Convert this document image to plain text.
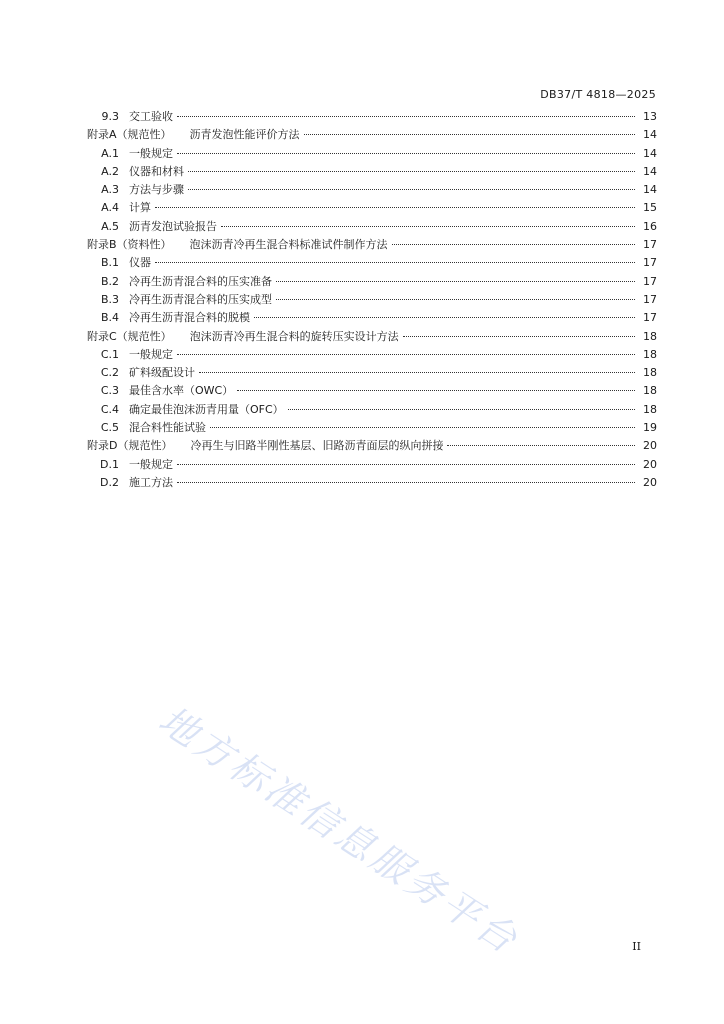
DB37/T 4818—2025
9.3 交工验收	13
附录A（规范性） 沥青发泡性能评价方法	14
A.1 一般规定	14
A.2 仪器和材料	14
A.3 方法与步骤	14
A.4 计算	15
A.5 沥青发泡试验报告	16
附录B（资料性） 泡沫沥青冷再生混合料标准试件制作方法	17
B.1 仪器	17
B.2 冷再生沥青混合料的压实准备	17
B.3 冷再生沥青混合料的压实成型	17
B.4 冷再生沥青混合料的脱模	17
附录C（规范性） 泡沫沥青冷再生混合料的旋转压实设计方法	18
C.1 一般规定	18
C.2 矿料级配设计	18
C.3 最佳含水率（OWC）	18
C.4 确定最佳泡沫沥青用量（OFC）	18
C.5 混合料性能试验	19
附录D（规范性） 冷再生与旧路半刚性基层、旧路沥青面层的纵向拼接	20
D.1 一般规定	20
D.2 施工方法	20
II
地方标准信息服务平台
